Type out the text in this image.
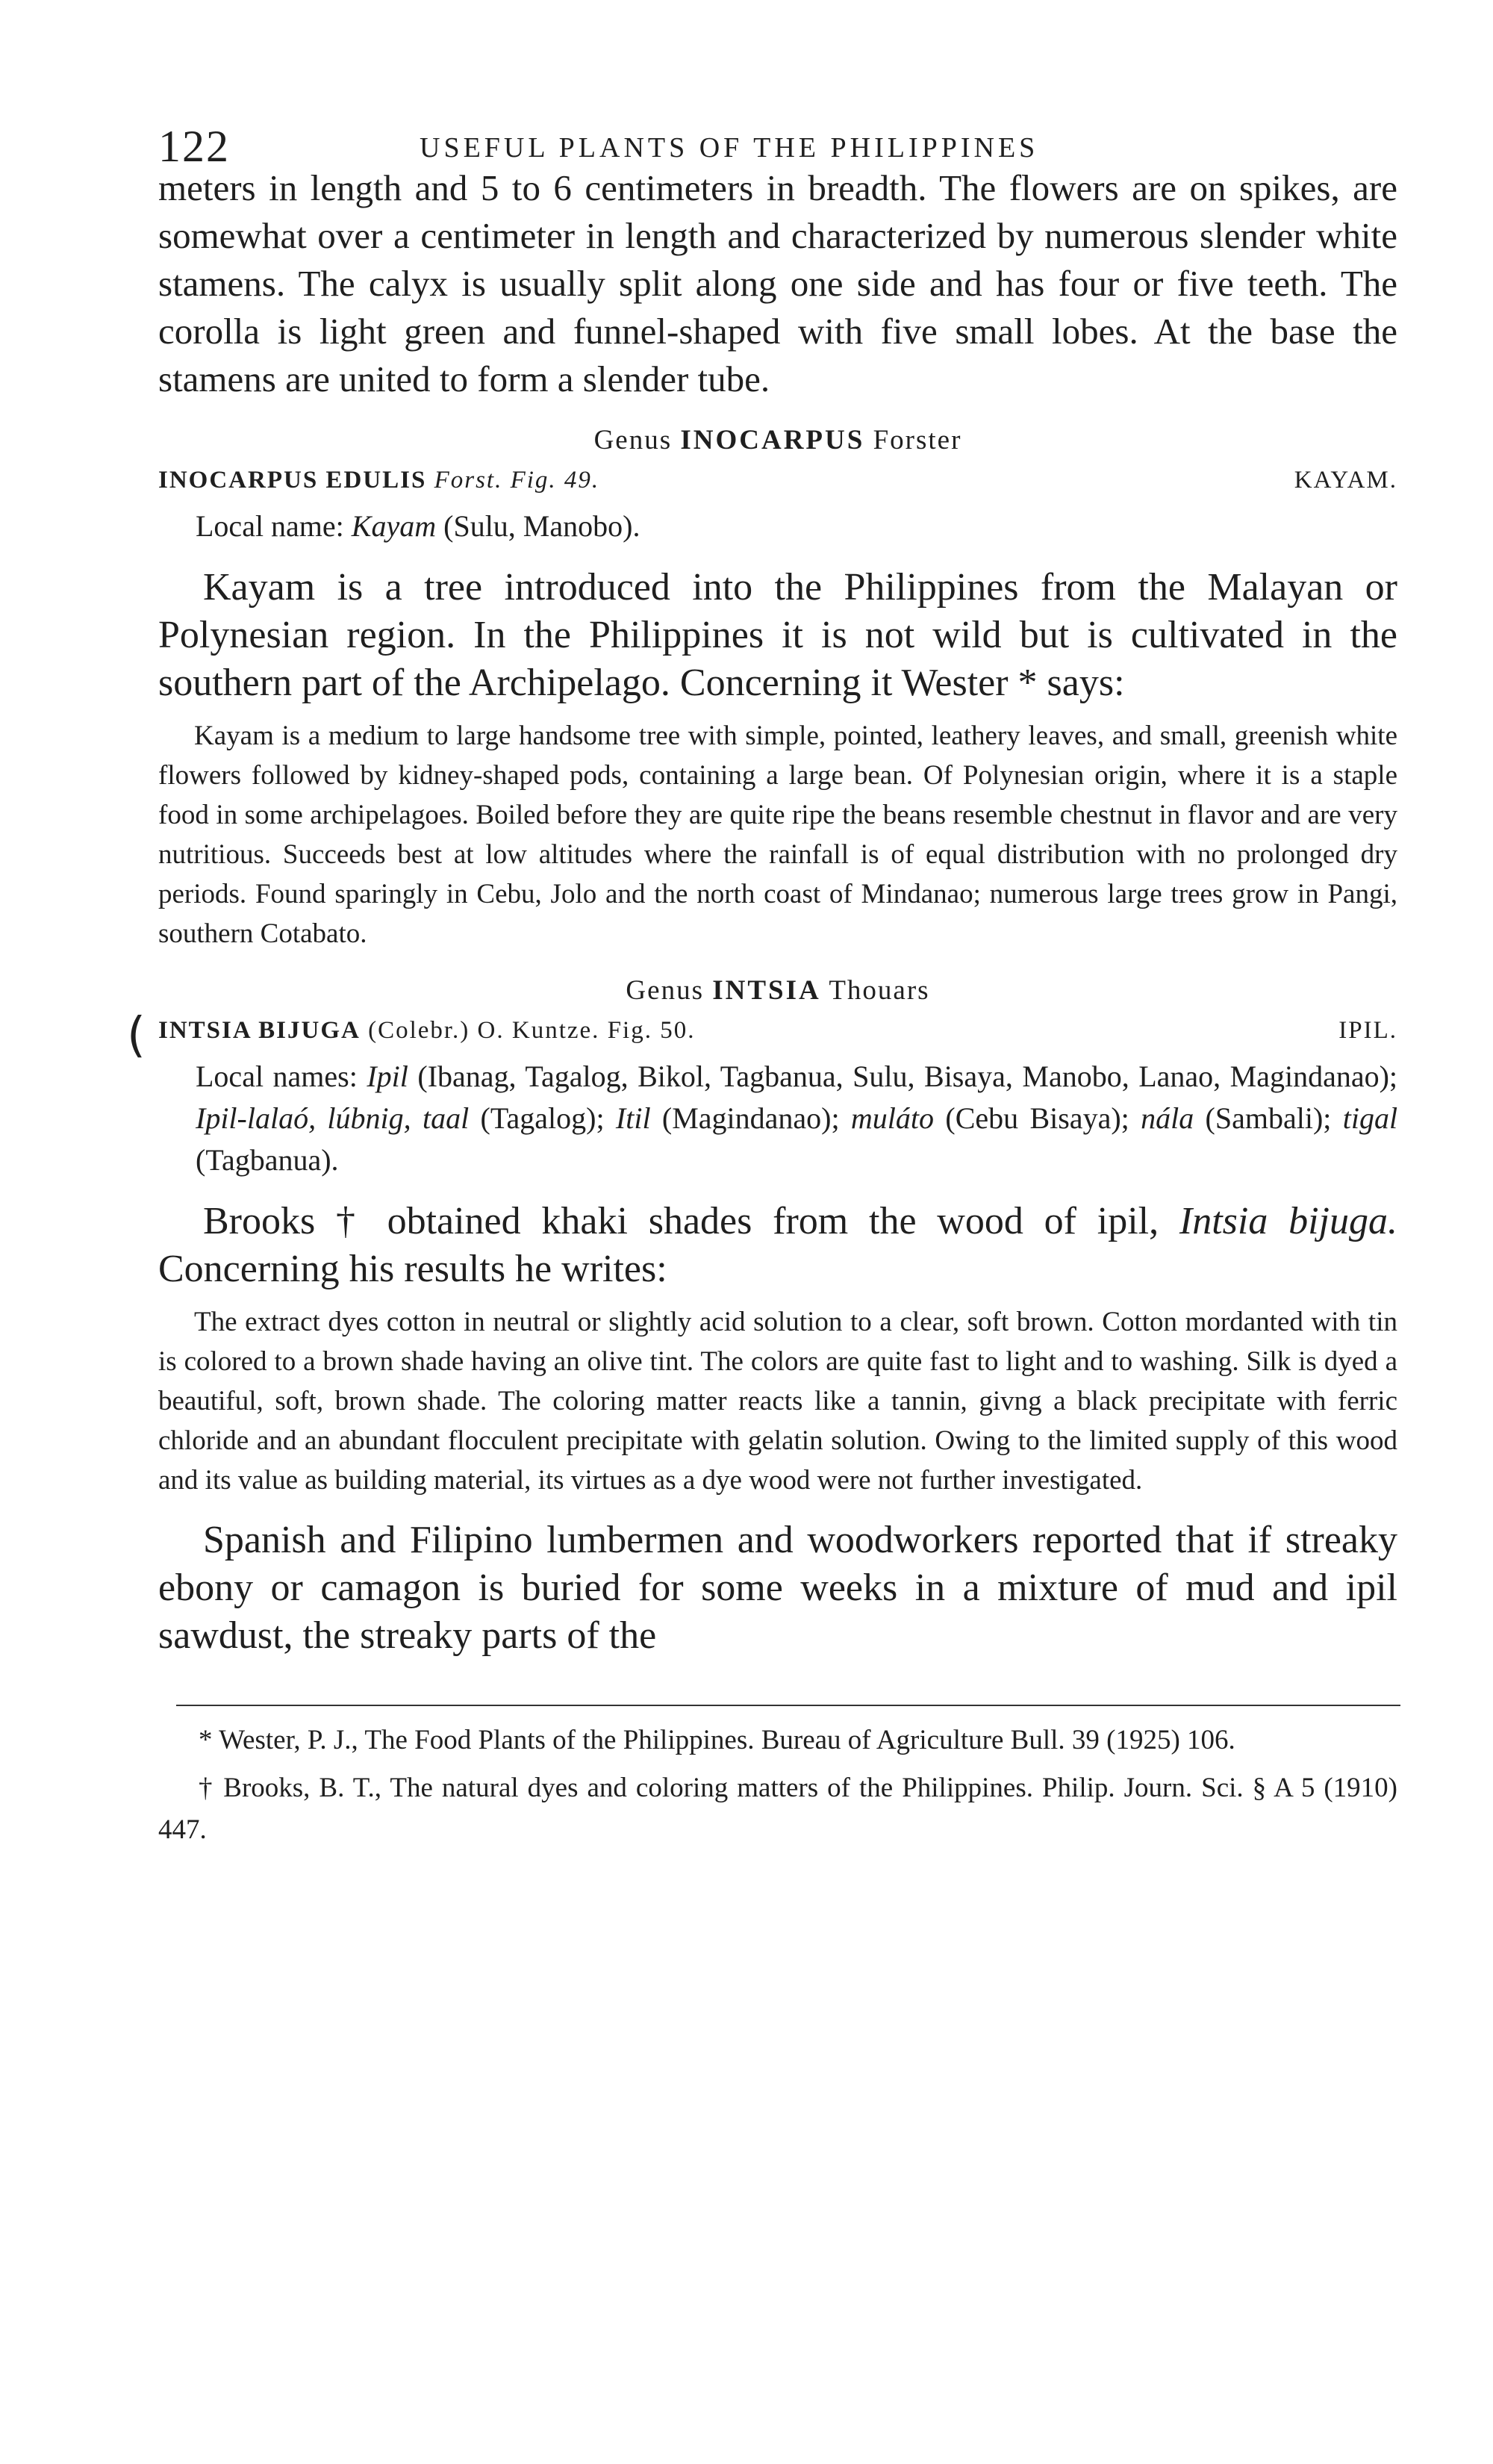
122	USEFUL PLANTS OF THE PHILIPPINES

meters in length and 5 to 6 centimeters in breadth. The flowers are on spikes, are somewhat over a centimeter in length and characterized by numerous slender white stamens. The calyx is usually split along one side and has four or five teeth. The corolla is light green and funnel-shaped with five small lobes. At the base the stamens are united to form a slender tube.

Genus INOCARPUS Forster
INOCARPUS EDULIS Forst. Fig. 49.	KAYAM.

Local name: Kayam (Sulu, Manobo).

Kayam is a tree introduced into the Philippines from the Malayan or Polynesian region. In the Philippines it is not wild but is cultivated in the southern part of the Archipelago. Concerning it Wester * says:

Kayam is a medium to large handsome tree with simple, pointed, leathery leaves, and small, greenish white flowers followed by kidney-shaped pods, containing a large bean. Of Polynesian origin, where it is a staple food in some archipelagoes. Boiled before they are quite ripe the beans resemble chestnut in flavor and are very nutritious. Succeeds best at low altitudes where the rainfall is of equal distribution with no prolonged dry periods. Found sparingly in Cebu, Jolo and the north coast of Mindanao; numerous large trees grow in Pangi, southern Cotabato.

Genus INTSIA Thouars
( INTSIA BIJUGA (Colebr.) O. Kuntze. Fig. 50.	IPIL.

Local names: Ipil (Ibanag, Tagalog, Bikol, Tagbanua, Sulu, Bisaya, Manobo, Lanao, Magindanao); Ipil-lalaó, lúbnig, taal (Tagalog); Itil (Magindanao); muláto (Cebu Bisaya); nála (Sambali); tigal (Tagbanua).

Brooks † obtained khaki shades from the wood of ipil, Intsia bijuga. Concerning his results he writes:

The extract dyes cotton in neutral or slightly acid solution to a clear, soft brown. Cotton mordanted with tin is colored to a brown shade having an olive tint. The colors are quite fast to light and to washing. Silk is dyed a beautiful, soft, brown shade. The coloring matter reacts like a tannin, givng a black precipitate with ferric chloride and an abundant flocculent precipitate with gelatin solution. Owing to the limited supply of this wood and its value as building material, its virtues as a dye wood were not further investigated.

Spanish and Filipino lumbermen and woodworkers reported that if streaky ebony or camagon is buried for some weeks in a mixture of mud and ipil sawdust, the streaky parts of the

* Wester, P. J., The Food Plants of the Philippines. Bureau of Agriculture Bull. 39 (1925) 106.

† Brooks, B. T., The natural dyes and coloring matters of the Philippines. Philip. Journ. Sci. § A 5 (1910) 447.
